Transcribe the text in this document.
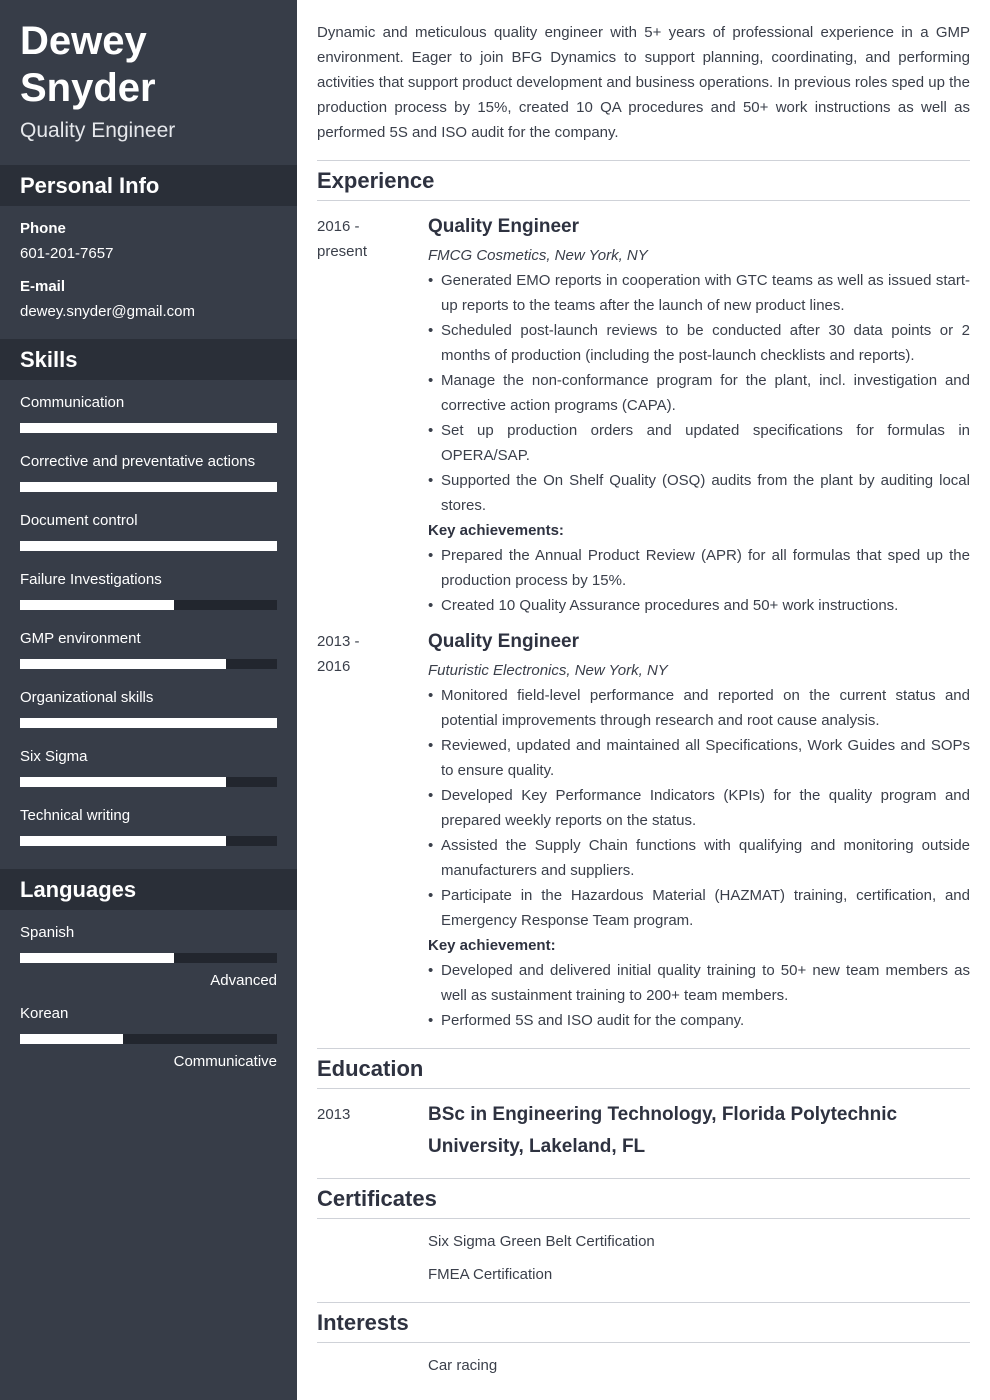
Dewey
Snyder
Quality Engineer
Personal Info
Phone
601-201-7657
E-mail
dewey.snyder@gmail.com
Skills
Communication
Corrective and preventative actions
Document control
Failure Investigations
GMP environment
Organizational skills
Six Sigma
Technical writing
Languages
Spanish
Advanced
Korean
Communicative

Dynamic and meticulous quality engineer with 5+ years of professional experience in a GMP environment. Eager to join BFG Dynamics to support planning, coordinating, and performing activities that support product development and business operations. In previous roles sped up the production process by 15%, created 10 QA procedures and 50+ work instructions as well as performed 5S and ISO audit for the company.

Experience
2016 -
present
Quality Engineer
FMCG Cosmetics, New York, NY
• Generated EMO reports in cooperation with GTC teams as well as issued start-up reports to the teams after the launch of new product lines.
• Scheduled post-launch reviews to be conducted after 30 data points or 2 months of production (including the post-launch checklists and reports).
• Manage the non-conformance program for the plant, incl. investigation and corrective action programs (CAPA).
• Set up production orders and updated specifications for formulas in OPERA/SAP.
• Supported the On Shelf Quality (OSQ) audits from the plant by auditing local stores.
Key achievements:
• Prepared the Annual Product Review (APR) for all formulas that sped up the production process by 15%.
• Created 10 Quality Assurance procedures and 50+ work instructions.
2013 -
2016
Quality Engineer
Futuristic Electronics, New York, NY
• Monitored field-level performance and reported on the current status and potential improvements through research and root cause analysis.
• Reviewed, updated and maintained all Specifications, Work Guides and SOPs to ensure quality.
• Developed Key Performance Indicators (KPIs) for the quality program and prepared weekly reports on the status.
• Assisted the Supply Chain functions with qualifying and monitoring outside manufacturers and suppliers.
• Participate in the Hazardous Material (HAZMAT) training, certification, and Emergency Response Team program.
Key achievement:
• Developed and delivered initial quality training to 50+ new team members as well as sustainment training to 200+ team members.
• Performed 5S and ISO audit for the company.
Education
2013	BSc in Engineering Technology, Florida Polytechnic University, Lakeland, FL
Certificates
Six Sigma Green Belt Certification
FMEA Certification
Interests
Car racing
